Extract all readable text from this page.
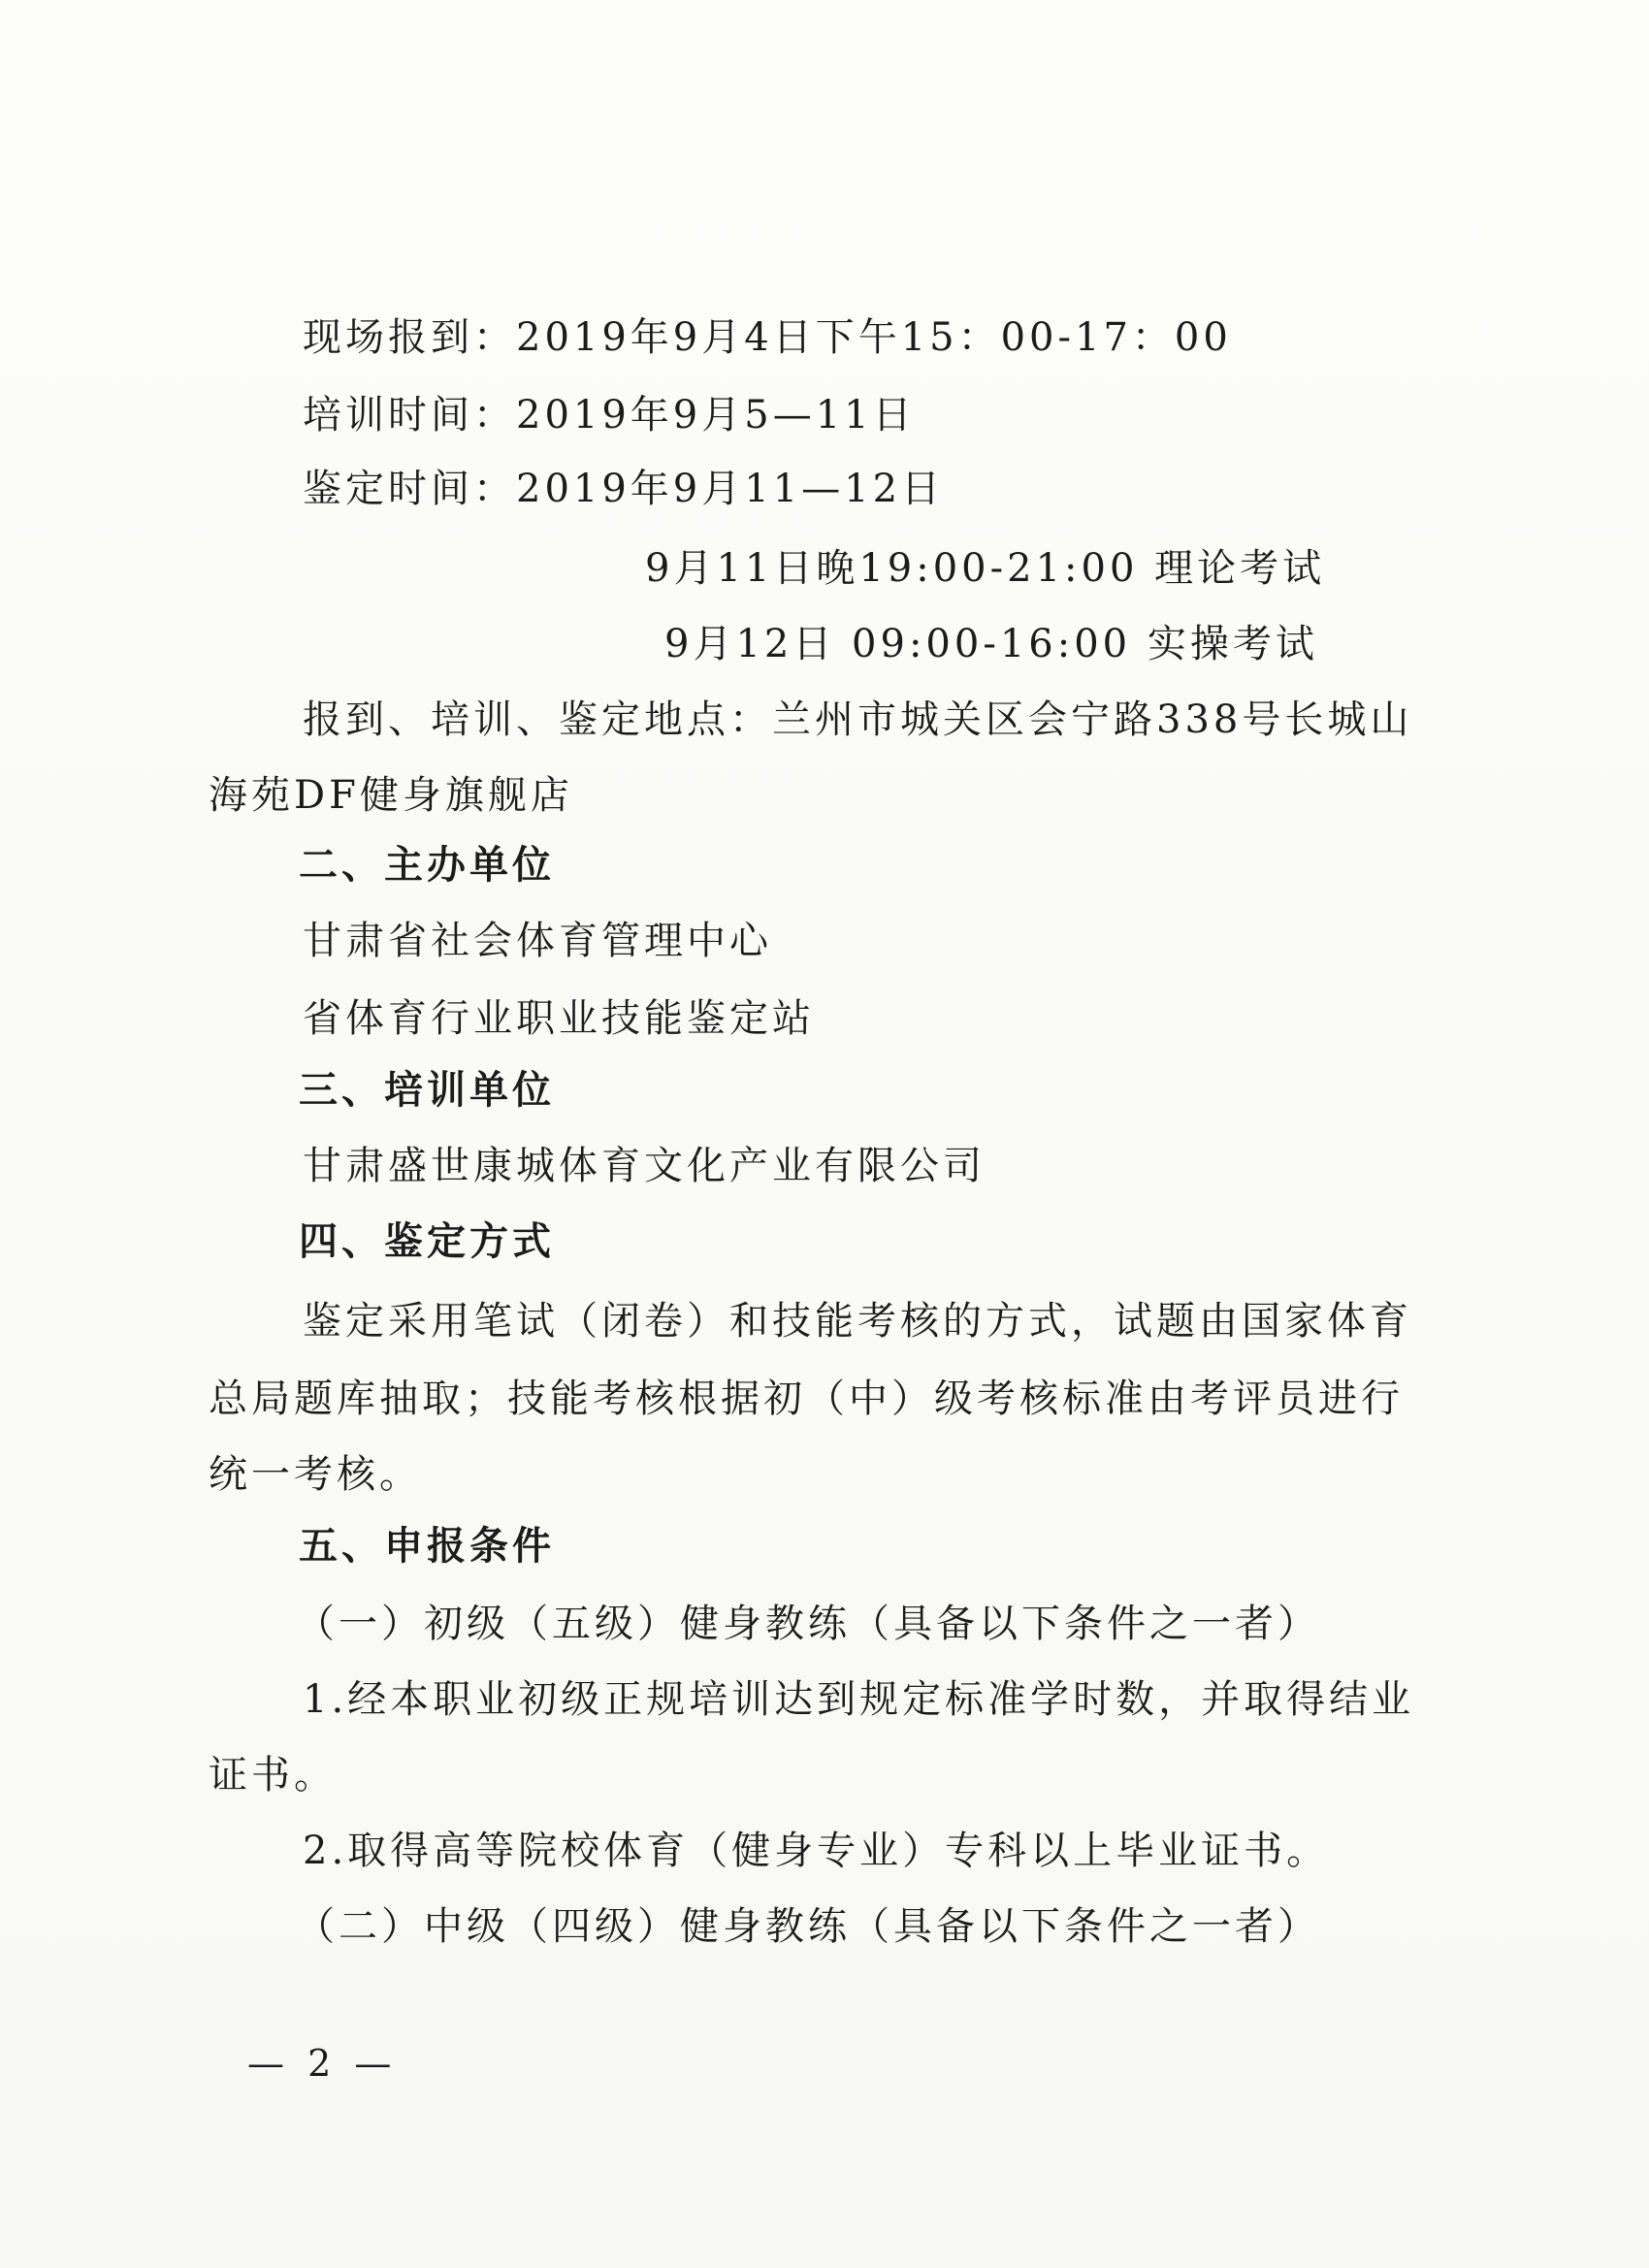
现场报到：2019年9月4日下午15：00-17：00
培训时间：2019年9月5—11日
鉴定时间：2019年9月11—12日
9月11日晚19:00-21:00 理论考试
9月12日 09:00-16:00 实操考试
报到、培训、鉴定地点：兰州市城关区会宁路338号长城山
海苑DF健身旗舰店
二、主办单位
甘肃省社会体育管理中心
省体育行业职业技能鉴定站
三、培训单位
甘肃盛世康城体育文化产业有限公司
四、鉴定方式
鉴定采用笔试（闭卷）和技能考核的方式，试题由国家体育
总局题库抽取；技能考核根据初（中）级考核标准由考评员进行
统一考核。
五、申报条件
（一）初级（五级）健身教练（具备以下条件之一者）
1.经本职业初级正规培训达到规定标准学时数，并取得结业
证书。
2.取得高等院校体育（健身专业）专科以上毕业证书。
（二）中级（四级）健身教练（具备以下条件之一者）
— 2 —
